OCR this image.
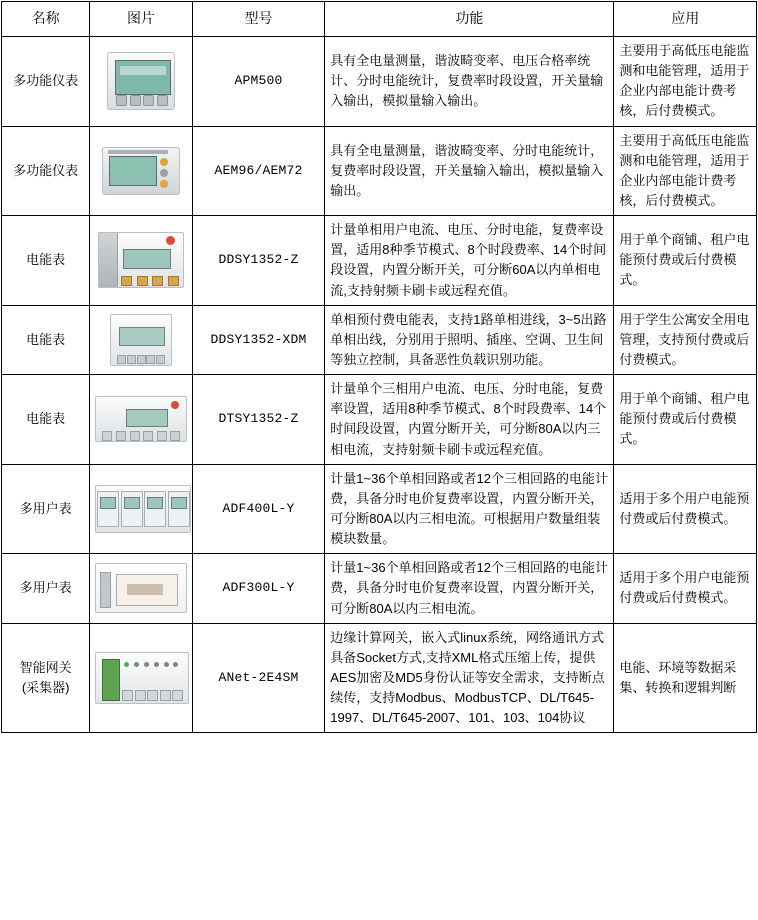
名称	图片	型号	功能	应用
多功能仪表		APM500	具有全电量测量，谐波畸变率、电压合格率统计、分时电能统计，复费率时段设置，开关量输入输出，模拟量输入输出。	主要用于高低压电能监测和电能管理，适用于企业内部电能计费考核，后付费模式。
多功能仪表		AEM96/AEM72	具有全电量测量，谐波畸变率、分时电能统计，复费率时段设置，开关量输入输出，模拟量输入输出。	主要用于高低压电能监测和电能管理，适用于企业内部电能计费考核，后付费模式。
电能表		DDSY1352-Z	计量单相用户电流、电压、分时电能，复费率设置，适用8种季节模式、8个时段费率、14个时间段设置，内置分断开关，可分断60A以内单相电流,支持射频卡刷卡或远程充值。	用于单个商铺、租户电能预付费或后付费模式。
电能表		DDSY1352-XDM	单相预付费电能表，支持1路单相进线，3~5出路单相出线，分别用于照明、插座、空调、卫生间等独立控制，具备恶性负载识别功能。	用于学生公寓安全用电管理，支持预付费或后付费模式。
电能表		DTSY1352-Z	计量单个三相用户电流、电压、分时电能，复费率设置，适用8种季节模式、8个时段费率、14个时间段设置，内置分断开关，可分断80A以内三相电流，支持射频卡刷卡或远程充值。	用于单个商铺、租户电能预付费或后付费模式。
多用户表		ADF400L-Y	计量1~36个单相回路或者12个三相回路的电能计费，具备分时电价复费率设置，内置分断开关，可分断80A以内三相电流。可根据用户数量组装模块数量。	适用于多个用户电能预付费或后付费模式。
多用户表		ADF300L-Y	计量1~36个单相回路或者12个三相回路的电能计费，具备分时电价复费率设置，内置分断开关，可分断80A以内三相电流。	适用于多个用户电能预付费或后付费模式。

智能网关
(采集器)		ANet-2E4SM	边缘计算网关，嵌入式linux系统，网络通讯方式具备Socket方式,支持XML格式压缩上传，提供AES加密及MD5身份认证等安全需求，支持断点续传，支持Modbus、ModbusTCP、DL/T645-1997、DL/T645-2007、101、103、104协议	电能、环境等数据采集、转换和逻辑判断
